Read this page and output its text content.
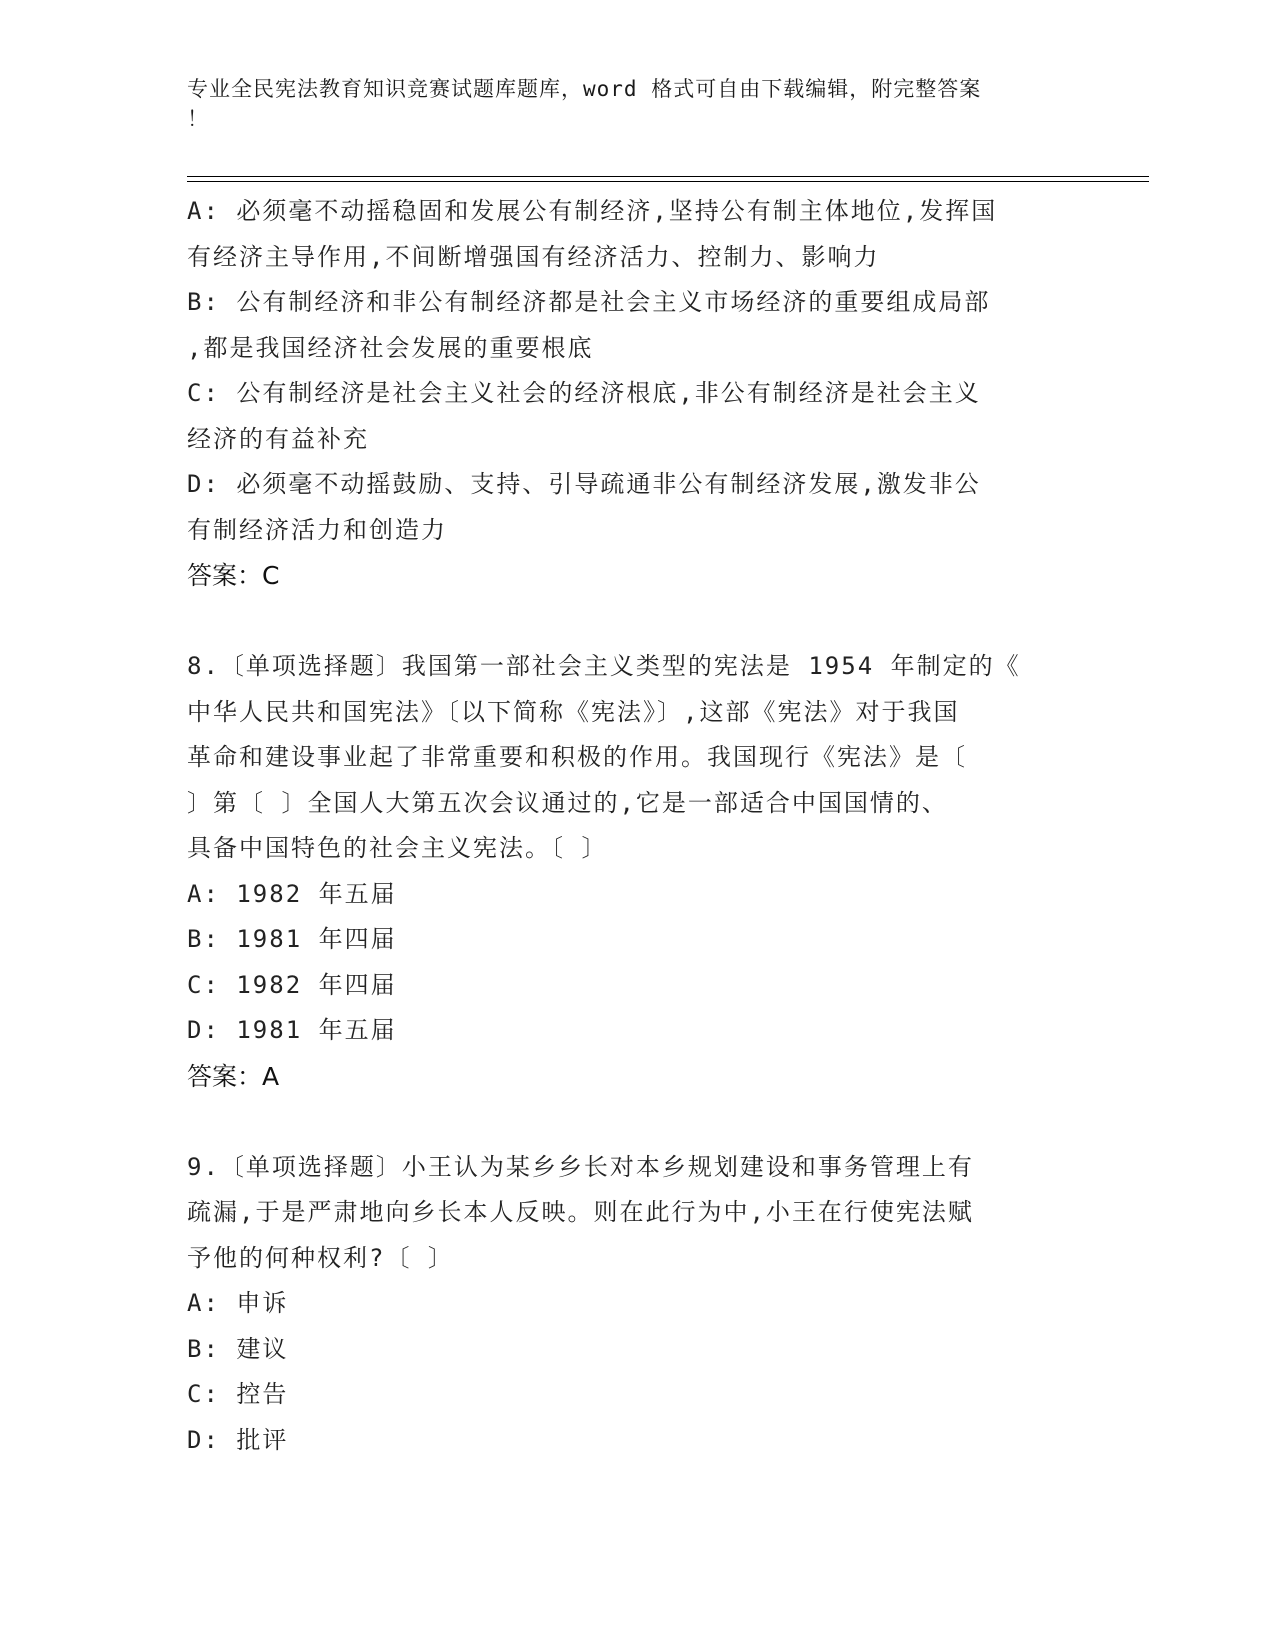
专业全民宪法教育知识竞赛试题库题库，word 格式可自由下载编辑，附完整答案
！
A: 必须毫不动摇稳固和发展公有制经济,坚持公有制主体地位,发挥国
有经济主导作用,不间断增强国有经济活力、控制力、影响力
B: 公有制经济和非公有制经济都是社会主义市场经济的重要组成局部
,都是我国经济社会发展的重要根底
C: 公有制经济是社会主义社会的经济根底,非公有制经济是社会主义
经济的有益补充
D: 必须毫不动摇鼓励、支持、引导疏通非公有制经济发展,激发非公
有制经济活力和创造力
答案：C
8.〔单项选择题〕我国第一部社会主义类型的宪法是 1954 年制定的《
中华人民共和国宪法》〔以下简称《宪法》〕,这部《宪法》对于我国
革命和建设事业起了非常重要和积极的作用。我国现行《宪法》是〔
〕第〔 〕全国人大第五次会议通过的,它是一部适合中国国情的、
具备中国特色的社会主义宪法。〔 〕
A: 1982 年五届
B: 1981 年四届
C: 1982 年四届
D: 1981 年五届
答案：A
9.〔单项选择题〕小王认为某乡乡长对本乡规划建设和事务管理上有
疏漏,于是严肃地向乡长本人反映。则在此行为中,小王在行使宪法赋
予他的何种权利?〔 〕
A: 申诉
B: 建议
C: 控告
D: 批评
